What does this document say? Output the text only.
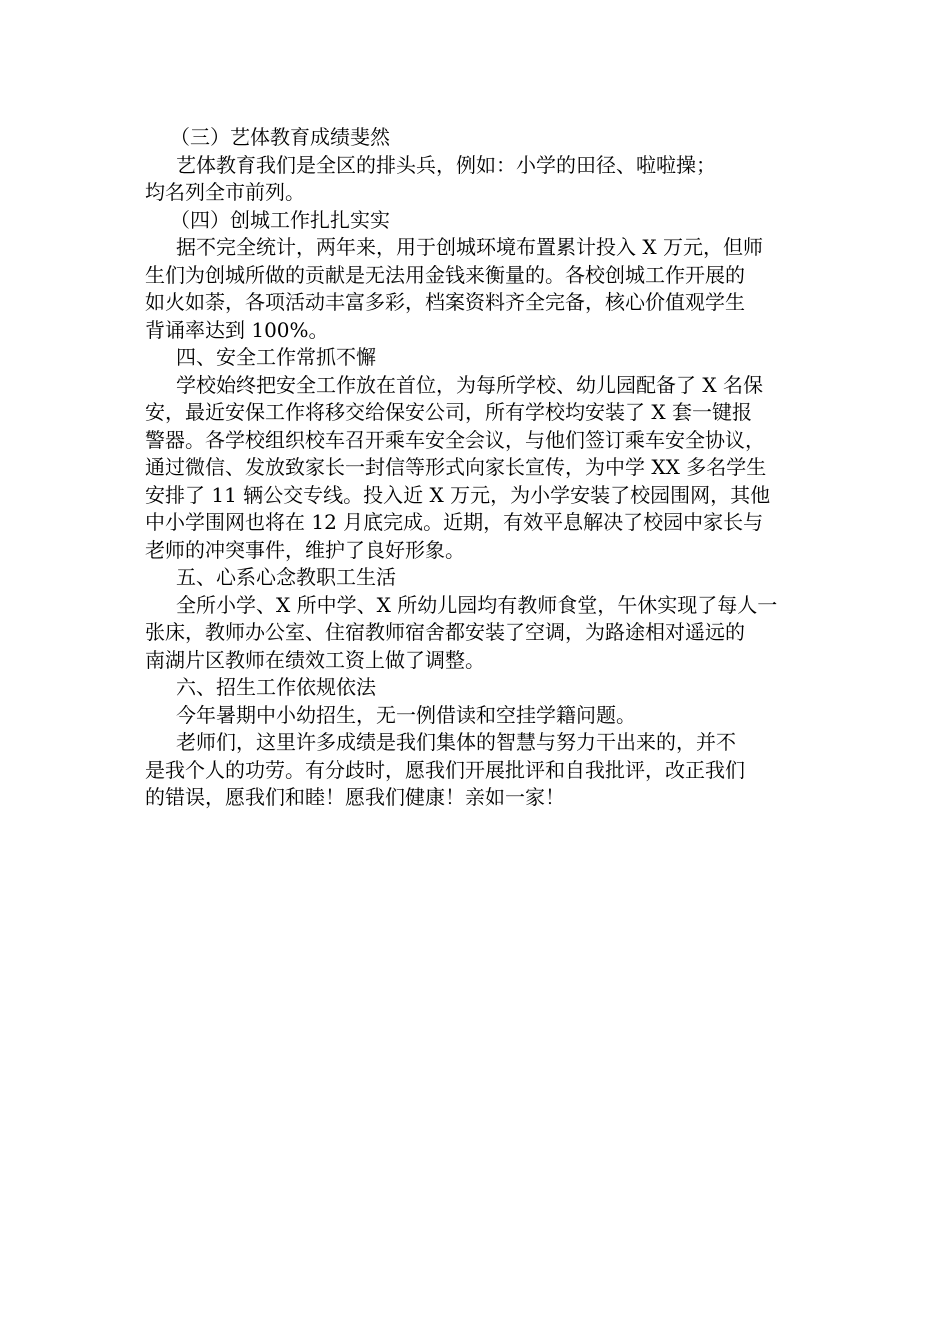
（三）艺体教育成绩斐然

艺体教育我们是全区的排头兵，例如：小学的田径、啦啦操；
均名列全市前列。

（四）创城工作扎扎实实

据不完全统计，两年来，用于创城环境布置累计投入 X 万元，但师
生们为创城所做的贡献是无法用金钱来衡量的。各校创城工作开展的
如火如荼，各项活动丰富多彩，档案资料齐全完备，核心价值观学生
背诵率达到 100%。

四、安全工作常抓不懈

学校始终把安全工作放在首位，为每所学校、幼儿园配备了 X 名保
安，最近安保工作将移交给保安公司，所有学校均安装了 X 套一键报
警器。各学校组织校车召开乘车安全会议，与他们签订乘车安全协议，
通过微信、发放致家长一封信等形式向家长宣传，为中学 XX 多名学生
安排了 11 辆公交专线。投入近 X 万元，为小学安装了校园围网，其他
中小学围网也将在 12 月底完成。近期，有效平息解决了校园中家长与
老师的冲突事件，维护了良好形象。

五、心系心念教职工生活

全所小学、X 所中学、X 所幼儿园均有教师食堂，午休实现了每人一
张床，教师办公室、住宿教师宿舍都安装了空调，为路途相对遥远的
南湖片区教师在绩效工资上做了调整。

六、招生工作依规依法

今年暑期中小幼招生，无一例借读和空挂学籍问题。

老师们，这里许多成绩是我们集体的智慧与努力干出来的，并不
是我个人的功劳。有分歧时，愿我们开展批评和自我批评，改正我们
的错误，愿我们和睦！愿我们健康！亲如一家！
